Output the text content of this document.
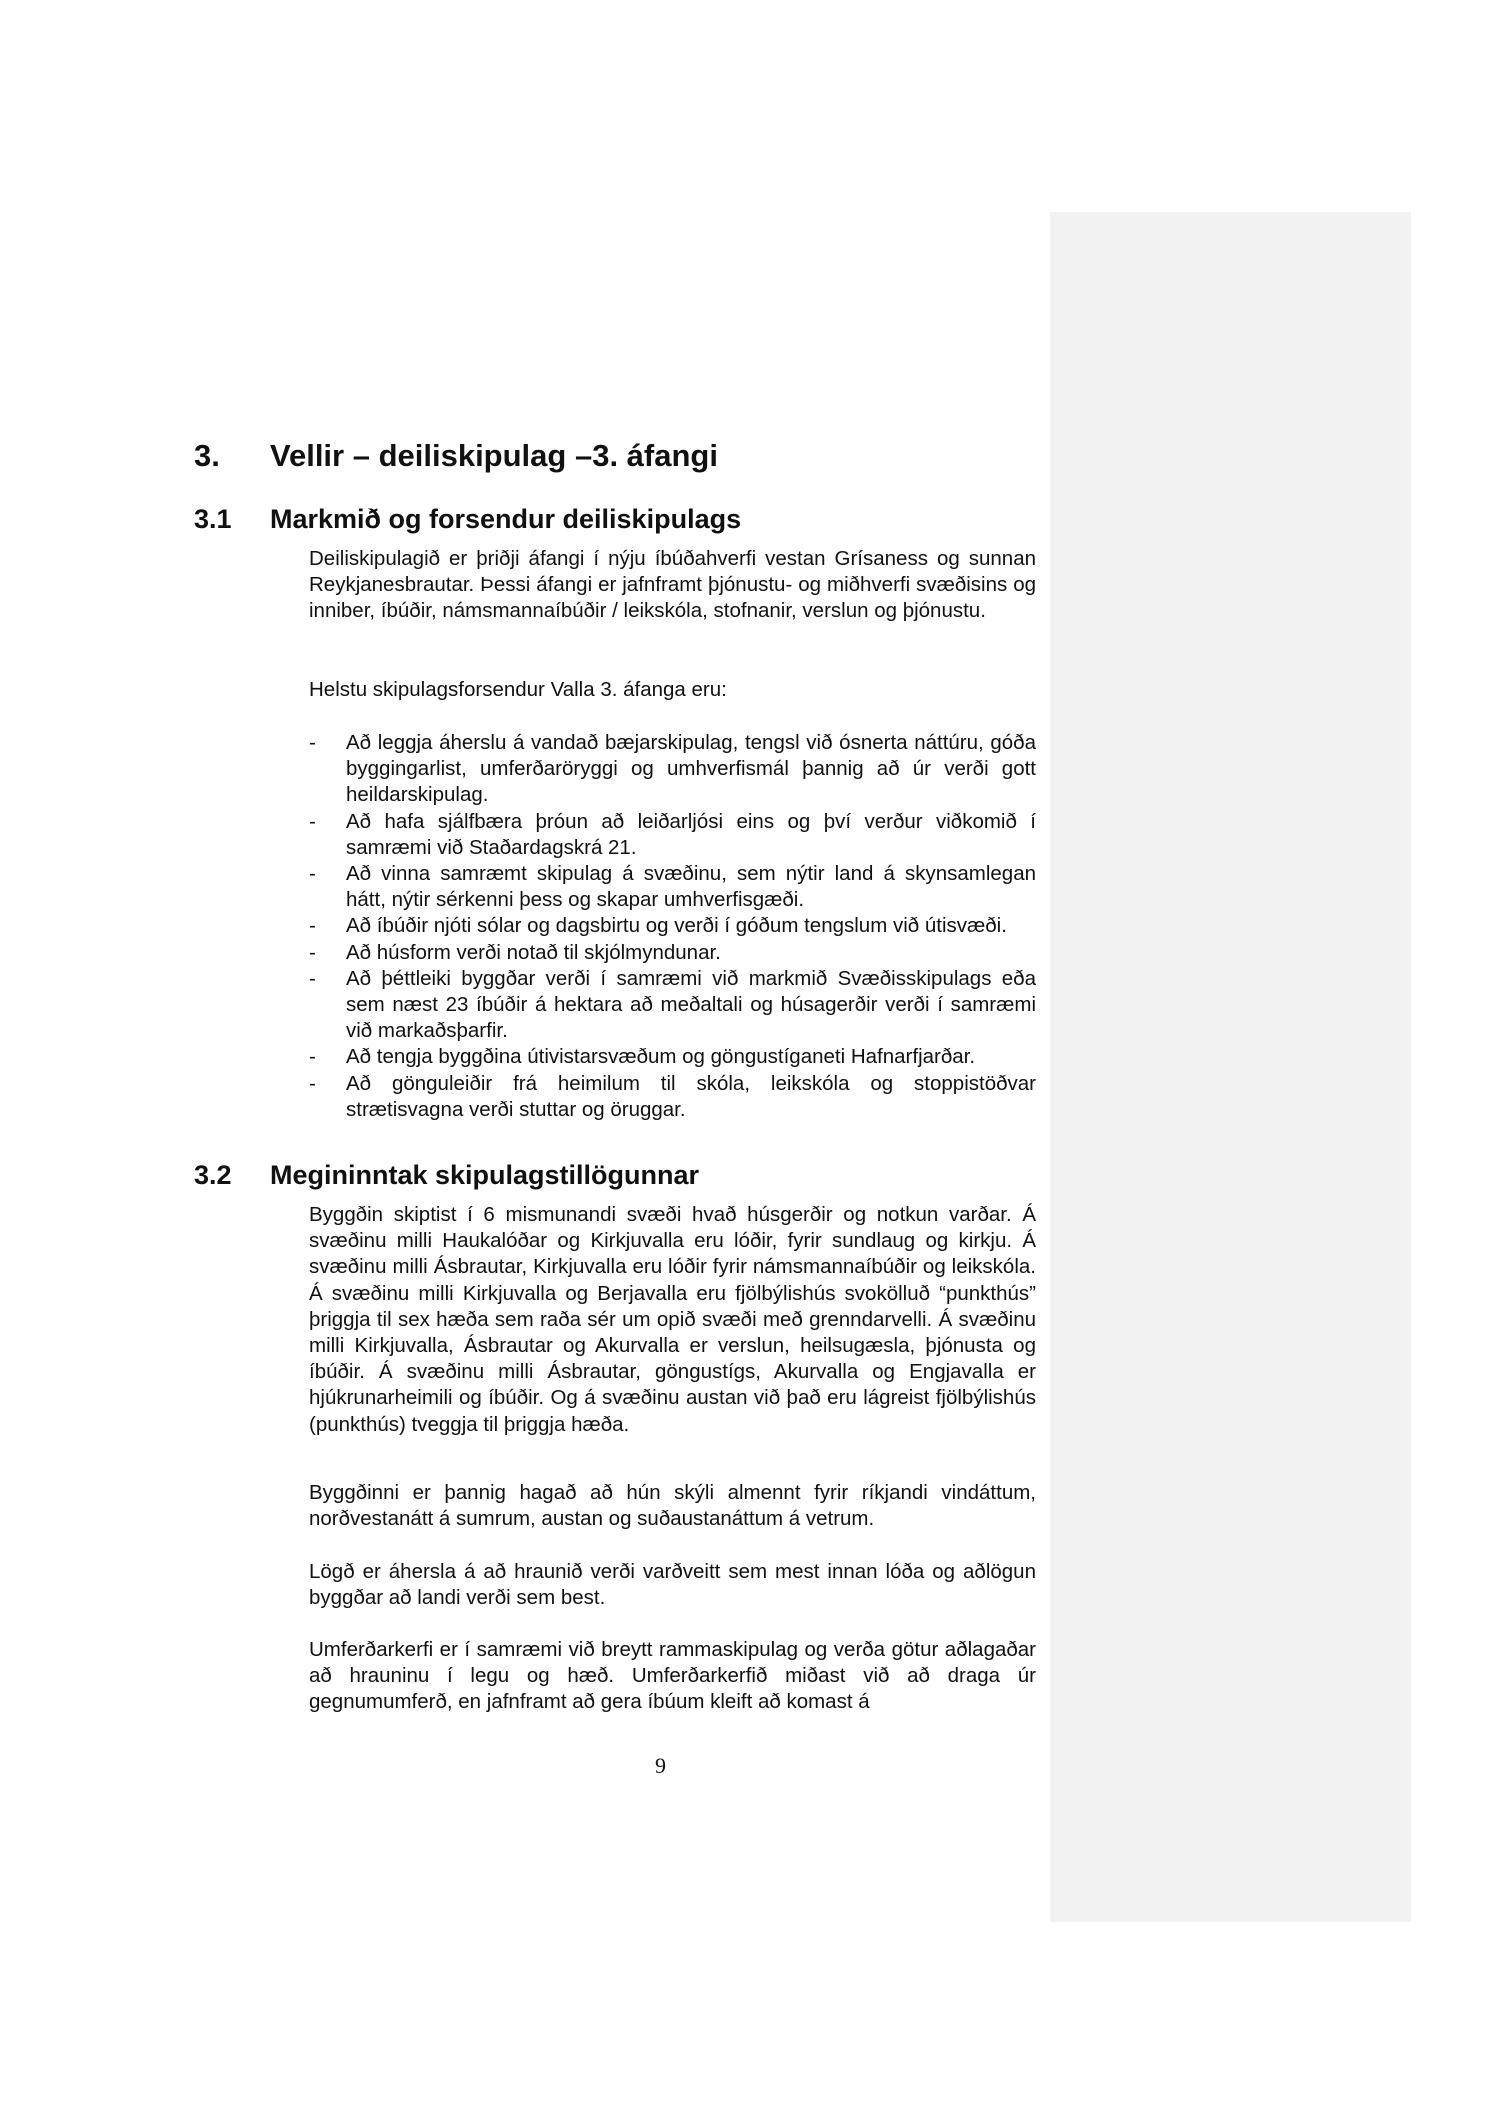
3. Vellir – deiliskipulag –3. áfangi
3.1 Markmið og forsendur deiliskipulags

Deiliskipulagið er þriðji áfangi í nýju íbúðahverfi vestan Grísaness og sunnan Reykjanesbrautar. Þessi áfangi er jafnframt þjónustu- og miðhverfi svæðisins og inniber, íbúðir, námsmannaíbúðir / leikskóla, stofnanir, verslun og þjónustu.

Helstu skipulagsforsendur Valla 3. áfanga eru:

- Að leggja áherslu á vandað bæjarskipulag, tengsl við ósnerta náttúru, góða byggingarlist, umferðaröryggi og umhverfismál þannig að úr verði gott heildarskipulag.
- Að hafa sjálfbæra þróun að leiðarljósi eins og því verður viðkomið í samræmi við Staðardagskrá 21.
- Að vinna samræmt skipulag á svæðinu, sem nýtir land á skynsamlegan hátt, nýtir sérkenni þess og skapar umhverfisgæði.
- Að íbúðir njóti sólar og dagsbirtu og verði í góðum tengslum við útisvæði.
- Að húsform verði notað til skjólmyndunar.
- Að þéttleiki byggðar verði í samræmi við markmið Svæðisskipulags eða sem næst 23 íbúðir á hektara að meðaltali og húsagerðir verði í samræmi við markaðsþarfir.
- Að tengja byggðina útivistarsvæðum og göngustíganeti Hafnarfjarðar.
- Að gönguleiðir frá heimilum til skóla, leikskóla og stoppistöðvar strætisvagna verði stuttar og öruggar.
3.2 Megininntak skipulagstillögunnar

Byggðin skiptist í 6 mismunandi svæði hvað húsgerðir og notkun varðar. Á svæðinu milli Haukalóðar og Kirkjuvalla eru lóðir, fyrir sundlaug og kirkju. Á svæðinu milli Ásbrautar, Kirkjuvalla eru lóðir fyrir námsmannaíbúðir og leikskóla. Á svæðinu milli Kirkjuvalla og Berjavalla eru fjölbýlishús svokölluð “punkthús” þriggja til sex hæða sem raða sér um opið svæði með grenndarvelli. Á svæðinu milli Kirkjuvalla, Ásbrautar og Akurvalla er verslun, heilsugæsla, þjónusta og íbúðir. Á svæðinu milli Ásbrautar, göngustígs, Akurvalla og Engjavalla er hjúkrunarheimili og íbúðir. Og á svæðinu austan við það eru lágreist fjölbýlishús (punkthús) tveggja til þriggja hæða.

Byggðinni er þannig hagað að hún skýli almennt fyrir ríkjandi vindáttum, norðvestanátt á sumrum, austan og suðaustanáttum á vetrum.

Lögð er áhersla á að hraunið verði varðveitt sem mest innan lóða og aðlögun byggðar að landi verði sem best.

Umferðarkerfi er í samræmi við breytt rammaskipulag og verða götur aðlagaðar að hrauninu í legu og hæð. Umferðarkerfið miðast við að draga úr gegnumumferð, en jafnframt að gera íbúum kleift að komast á

9
